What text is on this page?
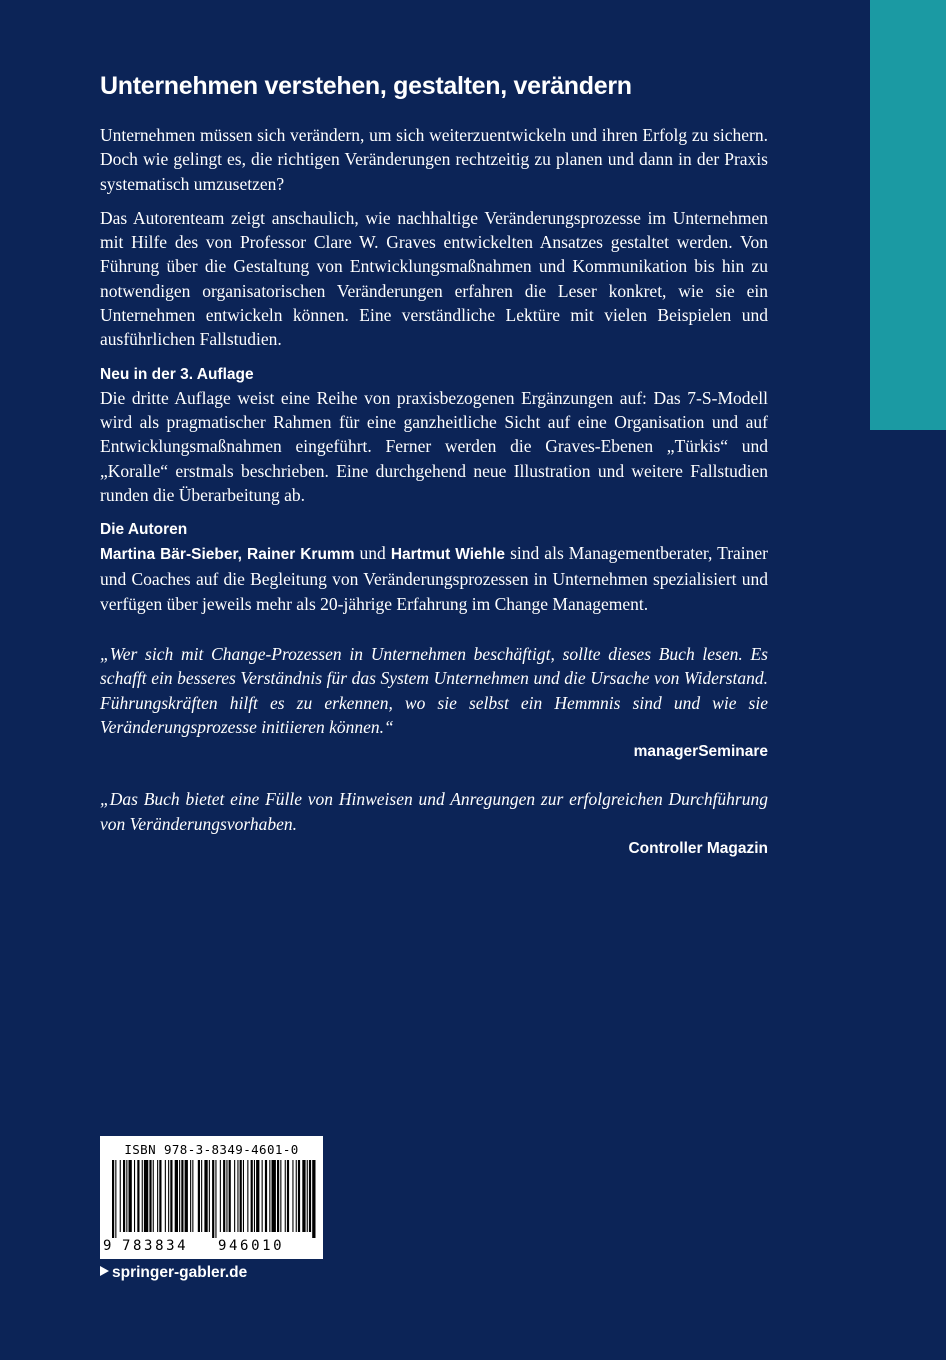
Unternehmen verstehen, gestalten, verändern

Unternehmen müssen sich verändern, um sich weiterzuentwickeln und ihren Erfolg zu sichern. Doch wie gelingt es, die richtigen Veränderungen rechtzeitig zu planen und dann in der Praxis systematisch umzusetzen?

Das Autorenteam zeigt anschaulich, wie nachhaltige Veränderungsprozesse im Unternehmen mit Hilfe des von Professor Clare W. Graves entwickelten Ansatzes gestaltet werden. Von Führung über die Gestaltung von Entwicklungsmaßnahmen und Kommunikation bis hin zu notwendigen organisatorischen Veränderungen erfahren die Leser konkret, wie sie ein Unternehmen entwickeln können. Eine verständliche Lektüre mit vielen Beispielen und ausführlichen Fallstudien.

Neu in der 3. Auflage

Die dritte Auflage weist eine Reihe von praxisbezogenen Ergänzungen auf: Das 7-S-Modell wird als pragmatischer Rahmen für eine ganzheitliche Sicht auf eine Organisation und auf Entwicklungsmaßnahmen eingeführt. Ferner werden die Graves-Ebenen „Türkis“ und „Koralle“ erstmals beschrieben. Eine durchgehend neue Illustration und weitere Fallstudien runden die Überarbeitung ab.

Die Autoren

Martina Bär-Sieber, Rainer Krumm und Hartmut Wiehle sind als Managementberater, Trainer und Coaches auf die Begleitung von Veränderungsprozessen in Unternehmen spezialisiert und verfügen über jeweils mehr als 20-jährige Erfahrung im Change Management.

„Wer sich mit Change-Prozessen in Unternehmen beschäftigt, sollte dieses Buch lesen. Es schafft ein besseres Verständnis für das System Unternehmen und die Ursache von Widerstand. Führungskräften hilft es zu erkennen, wo sie selbst ein Hemmnis sind und wie sie Veränderungsprozesse initiieren können.“
managerSeminare
„Das Buch bietet eine Fülle von Hinweisen und Anregungen zur erfolgreichen Durchführung von Veränderungsvorhaben.
Controller Magazin
ISBN 978-3-8349-4601-0
9 783834 946010
springer-gabler.de
